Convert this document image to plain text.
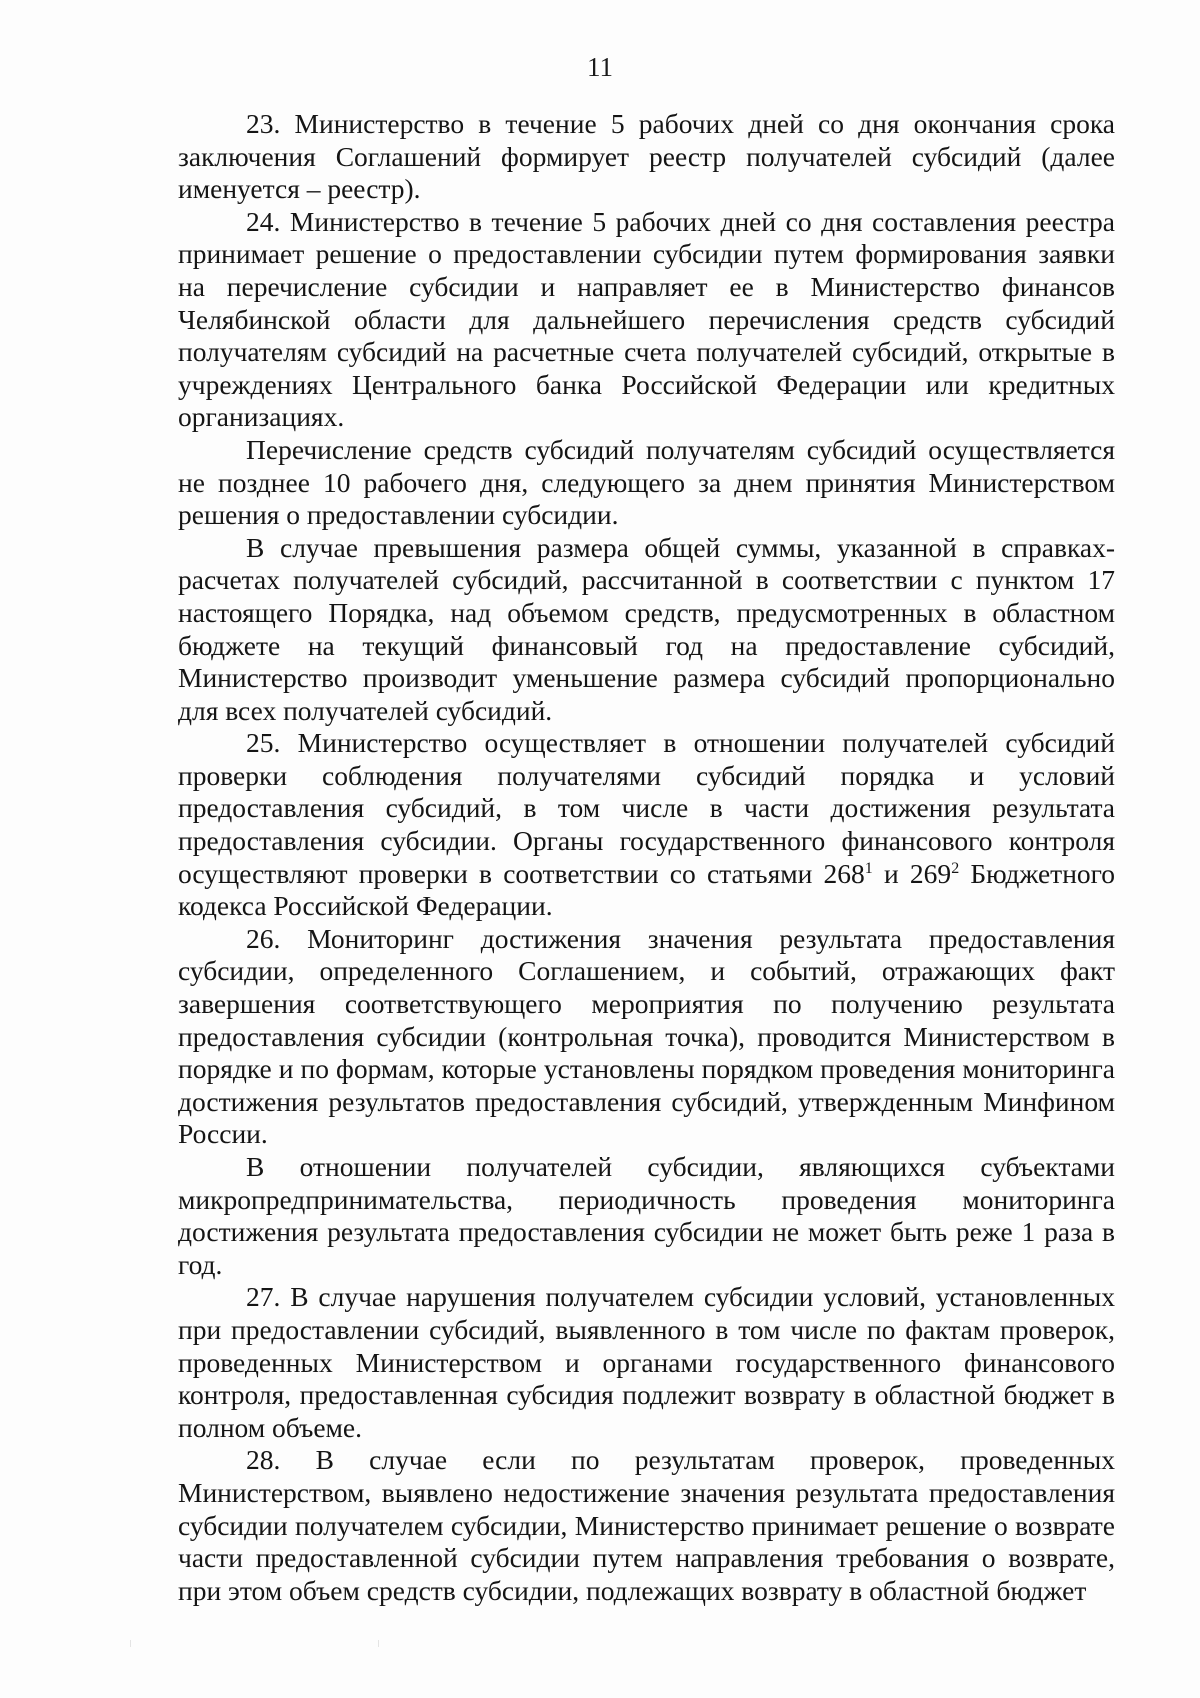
11

23. Министерство в течение 5 рабочих дней со дня окончания срока заключения Соглашений формирует реестр получателей субсидий (далее именуется – реестр).

24. Министерство в течение 5 рабочих дней со дня составления реестра принимает решение о предоставлении субсидии путем формирования заявки на перечисление субсидии и направляет ее в Министерство финансов Челябинской области для дальнейшего перечисления средств субсидий получателям субсидий на расчетные счета получателей субсидий, открытые в учреждениях Центрального банка Российской Федерации или кредитных организациях.

Перечисление средств субсидий получателям субсидий осуществляется не позднее 10 рабочего дня, следующего за днем принятия Министерством решения о предоставлении субсидии.

В случае превышения размера общей суммы, указанной в справках-расчетах получателей субсидий, рассчитанной в соответствии с пунктом 17 настоящего Порядка, над объемом средств, предусмотренных в областном бюджете на текущий финансовый год на предоставление субсидий, Министерство производит уменьшение размера субсидий пропорционально для всех получателей субсидий.

25. Министерство осуществляет в отношении получателей субсидий проверки соблюдения получателями субсидий порядка и условий предоставления субсидий, в том числе в части достижения результата предоставления субсидии. Органы государственного финансового контроля осуществляют проверки в соответствии со статьями $268^1$ и $269^2$ Бюджетного кодекса Российской Федерации.

26. Мониторинг достижения значения результата предоставления субсидии, определенного Соглашением, и событий, отражающих факт завершения соответствующего мероприятия по получению результата предоставления субсидии (контрольная точка), проводится Министерством в порядке и по формам, которые установлены порядком проведения мониторинга достижения результатов предоставления субсидий, утвержденным Минфином России.

В отношении получателей субсидии, являющихся субъектами микропредпринимательства, периодичность проведения мониторинга достижения результата предоставления субсидии не может быть реже 1 раза в год.

27. В случае нарушения получателем субсидии условий, установленных при предоставлении субсидий, выявленного в том числе по фактам проверок, проведенных Министерством и органами государственного финансового контроля, предоставленная субсидия подлежит возврату в областной бюджет в полном объеме.

28. В случае если по результатам проверок, проведенных Министерством, выявлено недостижение значения результата предоставления субсидии получателем субсидии, Министерство принимает решение о возврате части предоставленной субсидии путем направления требования о возврате, при этом объем средств субсидии, подлежащих возврату в областной бюджет
